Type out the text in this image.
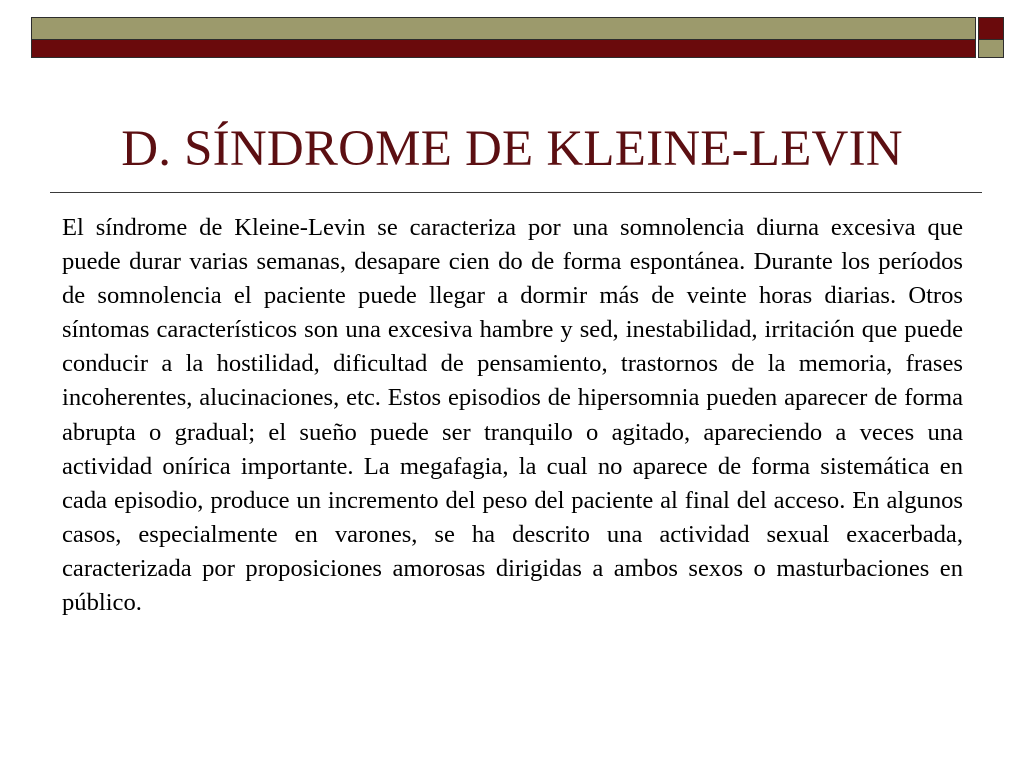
D. SÍNDROME DE KLEINE-LEVIN

El síndrome de Kleine-Levin se caracteriza por una somnolencia diurna excesiva que puede durar varias semanas, desapare cien do de forma espontánea. Durante los períodos de somnolencia el paciente puede llegar a dormir más de veinte horas diarias. Otros síntomas característicos son una excesiva hambre y sed, inestabilidad, irritación que puede conducir a la hostilidad, dificultad de pensamiento, trastornos de la memoria, frases incoherentes, alucinaciones, etc. Estos episodios de hipersomnia pueden aparecer de forma abrupta o gradual; el sueño puede ser tranquilo o agitado, apareciendo a veces una actividad onírica importante. La megafagia, la cual no aparece de forma sistemática en cada episodio, produce un incremento del peso del paciente al final del acceso. En algunos casos, especialmente en varones, se ha descrito una actividad sexual exacerbada, caracterizada por proposiciones amorosas dirigidas a ambos sexos o masturbaciones en público.
